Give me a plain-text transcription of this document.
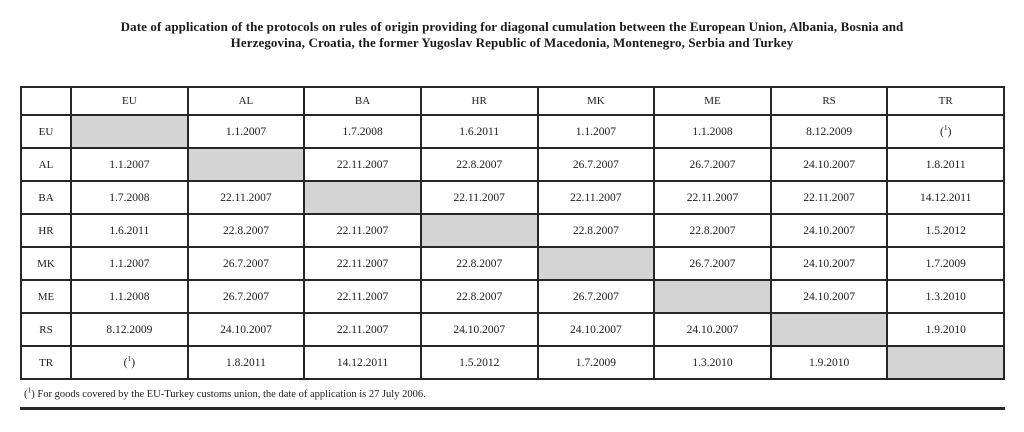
Date of application of the protocols on rules of origin providing for diagonal cumulation between the European Union, Albania, Bosnia and
Herzegovina, Croatia, the former Yugoslav Republic of Macedonia, Montenegro, Serbia and Turkey
	EU	AL	BA	HR	MK	ME	RS	TR
EU		1.1.2007	1.7.2008	1.6.2011	1.1.2007	1.1.2008	8.12.2009	($^1$)
AL	1.1.2007		22.11.2007	22.8.2007	26.7.2007	26.7.2007	24.10.2007	1.8.2011
BA	1.7.2008	22.11.2007		22.11.2007	22.11.2007	22.11.2007	22.11.2007	14.12.2011
HR	1.6.2011	22.8.2007	22.11.2007		22.8.2007	22.8.2007	24.10.2007	1.5.2012
MK	1.1.2007	26.7.2007	22.11.2007	22.8.2007		26.7.2007	24.10.2007	1.7.2009
ME	1.1.2008	26.7.2007	22.11.2007	22.8.2007	26.7.2007		24.10.2007	1.3.2010
RS	8.12.2009	24.10.2007	22.11.2007	24.10.2007	24.10.2007	24.10.2007		1.9.2010
TR	($^1$)	1.8.2011	14.12.2011	1.5.2012	1.7.2009	1.3.2010	1.9.2010	
($^1$) For goods covered by the EU-Turkey customs union, the date of application is 27 July 2006.
